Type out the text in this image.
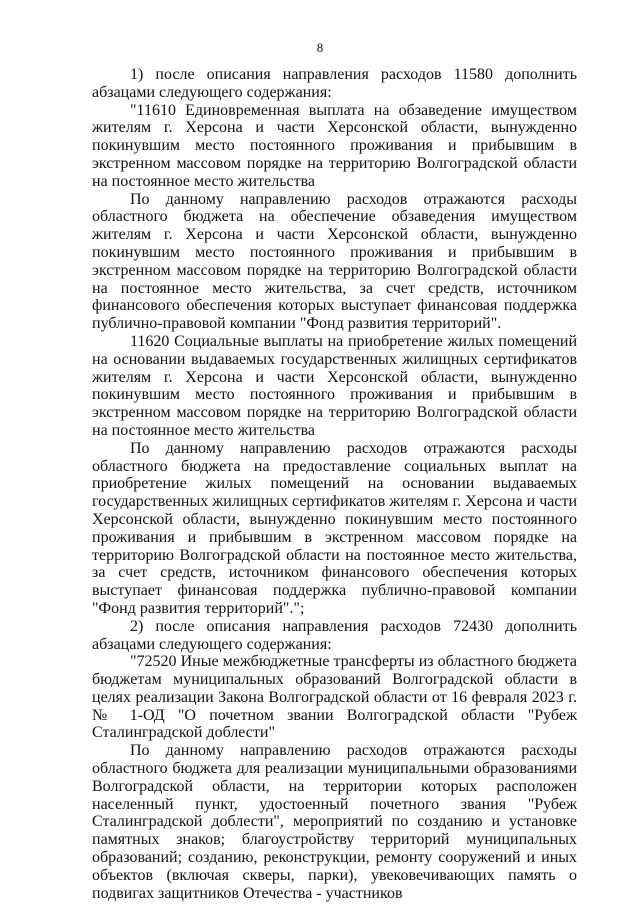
8

1) после описания направления расходов 11580 дополнить абзацами следующего содержания:

"11610 Единовременная выплата на обзаведение имуществом жителям г. Херсона и части Херсонской области, вынужденно покинувшим место постоянного проживания и прибывшим в экстренном массовом порядке на территорию Волгоградской области на постоянное место жительства

По данному направлению расходов отражаются расходы областного бюджета на обеспечение обзаведения имуществом жителям г. Херсона и части Херсонской области, вынужденно покинувшим место постоянного проживания и прибывшим в экстренном массовом порядке на территорию Волгоградской области на постоянное место жительства, за счет средств, источником финансового обеспечения которых выступает финансовая поддержка публично-правовой компании "Фонд развития территорий".

11620 Социальные выплаты на приобретение жилых помещений на основании выдаваемых государственных жилищных сертификатов жителям г. Херсона и части Херсонской области, вынужденно покинувшим место постоянного проживания и прибывшим в экстренном массовом порядке на территорию Волгоградской области на постоянное место жительства

По данному направлению расходов отражаются расходы областного бюджета на предоставление социальных выплат на приобретение жилых помещений на основании выдаваемых государственных жилищных сертификатов жителям г. Херсона и части Херсонской области, вынужденно покинувшим место постоянного проживания и прибывшим в экстренном массовом порядке на территорию Волгоградской области на постоянное место жительства, за счет средств, источником финансового обеспечения которых выступает финансовая поддержка публично-правовой компании "Фонд развития территорий".";

2) после описания направления расходов 72430 дополнить абзацами следующего содержания:

"72520 Иные межбюджетные трансферты из областного бюджета бюджетам муниципальных образований Волгоградской области в целях реализации Закона Волгоградской области от 16 февраля 2023 г. № 1-ОД "О почетном звании Волгоградской области "Рубеж Сталинградской доблести"

По данному направлению расходов отражаются расходы областного бюджета для реализации муниципальными образованиями Волгоградской области, на территории которых расположен населенный пункт, удостоенный почетного звания "Рубеж Сталинградской доблести", мероприятий по созданию и установке памятных знаков; благоустройству территорий муниципальных образований; созданию, реконструкции, ремонту сооружений и иных объектов (включая скверы, парки), увековечивающих память о подвигах защитников Отечества - участников
